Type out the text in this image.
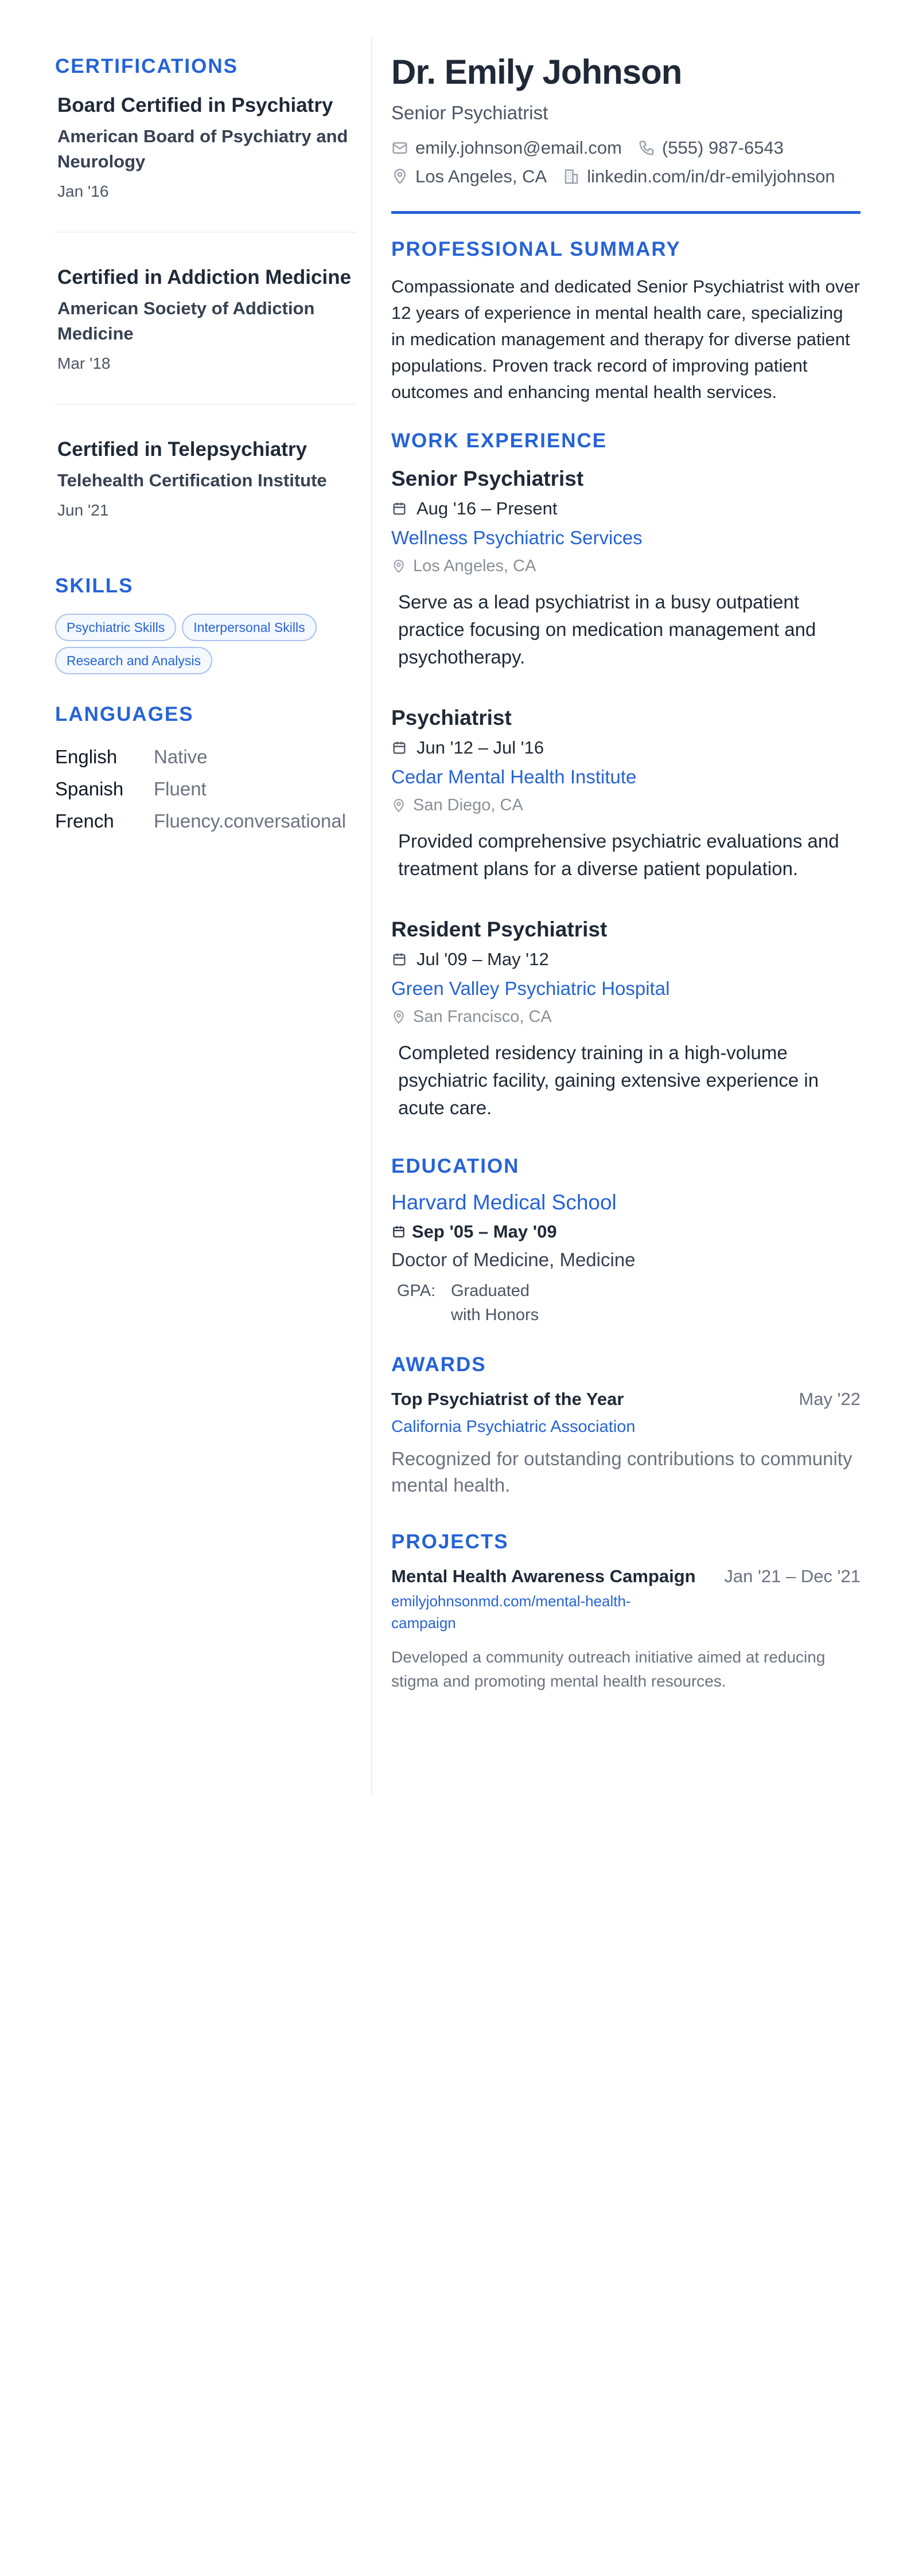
CERTIFICATIONS
Board Certified in Psychiatry
American Board of Psychiatry and Neurology
Jan '16
Certified in Addiction Medicine
American Society of Addiction Medicine
Mar '18
Certified in Telepsychiatry
Telehealth Certification Institute
Jun '21
SKILLS
Psychiatric Skills	Interpersonal Skills
Research and Analysis
LANGUAGES
English	Native
Spanish	Fluent
French	Fluency.conversational
Dr. Emily Johnson
Senior Psychiatrist
emily.johnson@email.com (555) 987-6543
Los Angeles, CA linkedin.com/in/dr-emilyjohnson
PROFESSIONAL SUMMARY
Compassionate and dedicated Senior Psychiatrist with over 12 years of experience in mental health care, specializing in medication management and therapy for diverse patient populations. Proven track record of improving patient outcomes and enhancing mental health services.
WORK EXPERIENCE
Senior Psychiatrist
Aug '16 – Present
Wellness Psychiatric Services
Los Angeles, CA
Serve as a lead psychiatrist in a busy outpatient practice focusing on medication management and psychotherapy.
Psychiatrist
Jun '12 – Jul '16
Cedar Mental Health Institute
San Diego, CA
Provided comprehensive psychiatric evaluations and treatment plans for a diverse patient population.
Resident Psychiatrist
Jul '09 – May '12
Green Valley Psychiatric Hospital
San Francisco, CA
Completed residency training in a high-volume psychiatric facility, gaining extensive experience in acute care.
EDUCATION
Harvard Medical School
Sep '05 – May '09
Doctor of Medicine, Medicine
GPA: Graduated with Honors
AWARDS
Top Psychiatrist of the Year	May '22
California Psychiatric Association
Recognized for outstanding contributions to community mental health.
PROJECTS
Mental Health Awareness Campaign Jan '21 – Dec '21
emilyjohnsonmd.com/mental-health-campaign
Developed a community outreach initiative aimed at reducing stigma and promoting mental health resources.
